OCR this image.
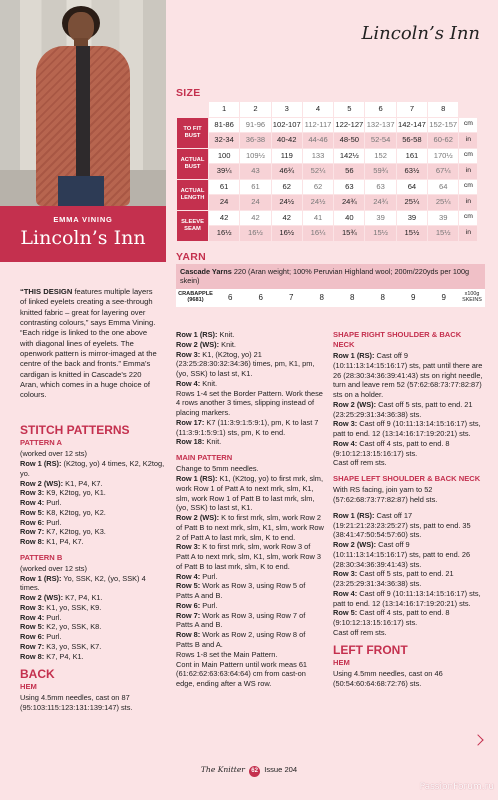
EMMA VINING
Lincoln’s Inn
Lincoln’s Inn
SIZE
	1	2	3	4	5	6	7	8	
TO FIT BUST	81-86	91-96	102-107	112-117	122-127	132-137	142-147	152-157	cm
	32-34	36-38	40-42	44-46	48-50	52-54	56-58	60-62	in
ACTUAL BUST	100	109½	119	133	142½	152	161	170½	cm
	39¼	43	46¾	52¼	56	59¾	63½	67¼	in
ACTUAL LENGTH	61	61	62	62	63	63	64	64	cm
	24	24	24½	24½	24¾	24¾	25¼	25¼	in
SLEEVE SEAM	42	42	42	41	40	39	39	39	cm
	16½	16½	16½	16¼	15¾	15½	15½	15½	in
YARN
Cascade Yarns 220 (Aran weight; 100% Peruvian Highland wool; 200m/220yds per 100g skein)
CRABAPPLE (9681)	6	6	7	8	8	8	9	9	x100g SKEINS
“THIS DESIGN features multiple layers of linked eyelets creating a see-through knitted fabric – great for layering over contrasting colours,” says Emma Vining. “Each ridge is linked to the one above with diagonal lines of eyelets. The openwork pattern is mirror-imaged at the centre of the back and fronts.” Emma’s cardigan is knitted in Cascade’s 220 Aran, which comes in a huge choice of colours.
STITCH PATTERNS
PATTERN A
(worked over 12 sts)
Row 1 (RS): (K2tog, yo) 4 times, K2, K2tog, yo.
Row 2 (WS): K1, P4, K7.
Row 3: K9, K2tog, yo, K1.
Row 4: Purl.
Row 5: K8, K2tog, yo, K2.
Row 6: Purl.
Row 7: K7, K2tog, yo, K3.
Row 8: K1, P4, K7.
PATTERN B
(worked over 12 sts)
Row 1 (RS): Yo, SSK, K2, (yo, SSK) 4 times.
Row 2 (WS): K7, P4, K1.
Row 3: K1, yo, SSK, K9.
Row 4: Purl.
Row 5: K2, yo, SSK, K8.
Row 6: Purl.
Row 7: K3, yo, SSK, K7.
Row 8: K7, P4, K1.
BACK
HEM
Using 4.5mm needles, cast on 87 (95:103:115:123:131:139:147) sts.
Row 1 (RS): Knit.
Row 2 (WS): Knit.
Row 3: K1, (K2tog, yo) 21 (23:25:28:30:32:34:36) times, pm, K1, pm, (yo, SSK) to last st, K1.
Row 4: Knit.
Rows 1-4 set the Border Pattern. Work these 4 rows another 3 times, slipping instead of placing markers.
Row 17: K7 (11:3:9:1:5:9:1), pm, K to last 7 (11:3:9:1:5:9:1) sts, pm, K to end.
Row 18: Knit.
MAIN PATTERN
Change to 5mm needles.
Row 1 (RS): K1, (K2tog, yo) to first mrk, slm, work Row 1 of Patt A to next mrk, slm, K1, slm, work Row 1 of Patt B to last mrk, slm, (yo, SSK) to last st, K1.
Row 2 (WS): K to first mrk, slm, work Row 2 of Patt B to next mrk, slm, K1, slm, work Row 2 of Patt A to last mrk, slm, K to end.
Row 3: K to first mrk, slm, work Row 3 of Patt A to next mrk, slm, K1, slm, work Row 3 of Patt B to last mrk, slm, K to end.
Row 4: Purl.
Row 5: Work as Row 3, using Row 5 of Patts A and B.
Row 6: Purl.
Row 7: Work as Row 3, using Row 7 of Patts A and B.
Row 8: Work as Row 2, using Row 8 of Patts B and A.
Rows 1-8 set the Main Pattern.
Cont in Main Pattern until work meas 61 (61:62:62:63:63:64:64) cm from cast-on edge, ending after a WS row.
SHAPE RIGHT SHOULDER & BACK NECK
Row 1 (RS): Cast off 9 (10:11:13:14:15:16:17) sts, patt until there are 26 (28:30:34:36:39:41:43) sts on right needle, turn and leave rem 52 (57:62:68:73:77:82:87) sts on a holder.
Row 2 (WS): Cast off 5 sts, patt to end. 21 (23:25:29:31:34:36:38) sts.
Row 3: Cast off 9 (10:11:13:14:15:16:17) sts, patt to end. 12 (13:14:16:17:19:20:21) sts.
Row 4: Cast off 4 sts, patt to end. 8 (9:10:12:13:15:16:17) sts.
Cast off rem sts.
SHAPE LEFT SHOULDER & BACK NECK
With RS facing, join yarn to 52 (57:62:68:73:77:82:87) held sts.
Row 1 (RS): Cast off 17 (19:21:21:23:23:25:27) sts, patt to end. 35 (38:41:47:50:54:57:60) sts.
Row 2 (WS): Cast off 9 (10:11:13:14:15:16:17) sts, patt to end. 26 (28:30:34:36:39:41:43) sts.
Row 3: Cast off 5 sts, patt to end. 21 (23:25:29:31:34:36:38) sts.
Row 4: Cast off 9 (10:11:13:14:15:16:17) sts, patt to end. 12 (13:14:16:17:19:20:21) sts.
Row 5: Cast off 4 sts, patt to end. 8 (9:10:12:13:15:16:17) sts.
Cast off rem sts.
LEFT FRONT
HEM
Using 4.5mm needles, cast on 46 (50:54:60:64:68:72:76) sts.
The Knitter 62 Issue 204
PassionForum.ru
